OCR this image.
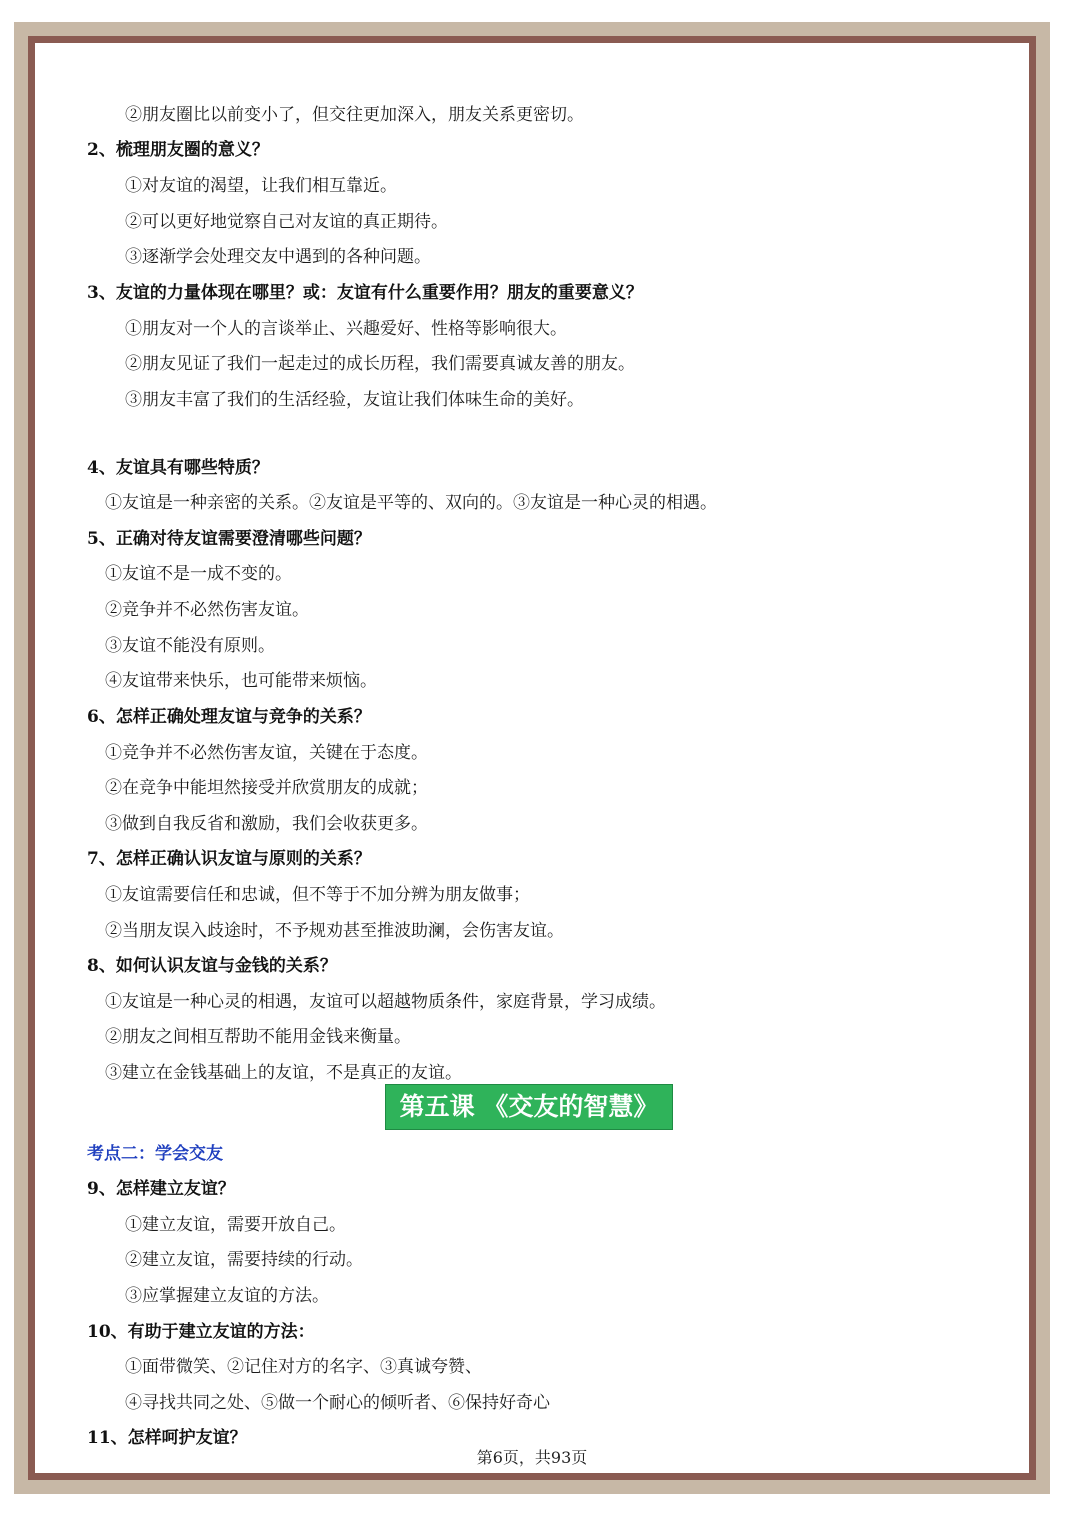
②朋友圈比以前变小了，但交往更加深入，朋友关系更密切。
2、梳理朋友圈的意义？
①对友谊的渴望，让我们相互靠近。
②可以更好地觉察自己对友谊的真正期待。
③逐渐学会处理交友中遇到的各种问题。
3、友谊的力量体现在哪里？或：友谊有什么重要作用？朋友的重要意义？
①朋友对一个人的言谈举止、兴趣爱好、性格等影响很大。
②朋友见证了我们一起走过的成长历程，我们需要真诚友善的朋友。
③朋友丰富了我们的生活经验，友谊让我们体味生命的美好。
4、友谊具有哪些特质？
①友谊是一种亲密的关系。②友谊是平等的、双向的。③友谊是一种心灵的相遇。
5、正确对待友谊需要澄清哪些问题？
①友谊不是一成不变的。
②竞争并不必然伤害友谊。
③友谊不能没有原则。
④友谊带来快乐，也可能带来烦恼。
6、怎样正确处理友谊与竞争的关系？
①竞争并不必然伤害友谊，关键在于态度。
②在竞争中能坦然接受并欣赏朋友的成就；
③做到自我反省和激励，我们会收获更多。
7、怎样正确认识友谊与原则的关系？
①友谊需要信任和忠诚，但不等于不加分辨为朋友做事；
②当朋友误入歧途时，不予规劝甚至推波助澜，会伤害友谊。
8、如何认识友谊与金钱的关系？
①友谊是一种心灵的相遇，友谊可以超越物质条件，家庭背景，学习成绩。
②朋友之间相互帮助不能用金钱来衡量。
③建立在金钱基础上的友谊，不是真正的友谊。
第五课 《交友的智慧》
考点二：学会交友
9、怎样建立友谊？
①建立友谊，需要开放自己。
②建立友谊，需要持续的行动。
③应掌握建立友谊的方法。
10、有助于建立友谊的方法：
①面带微笑、②记住对方的名字、③真诚夸赞、
④寻找共同之处、⑤做一个耐心的倾听者、⑥保持好奇心
11、怎样呵护友谊？
第6页，共93页
